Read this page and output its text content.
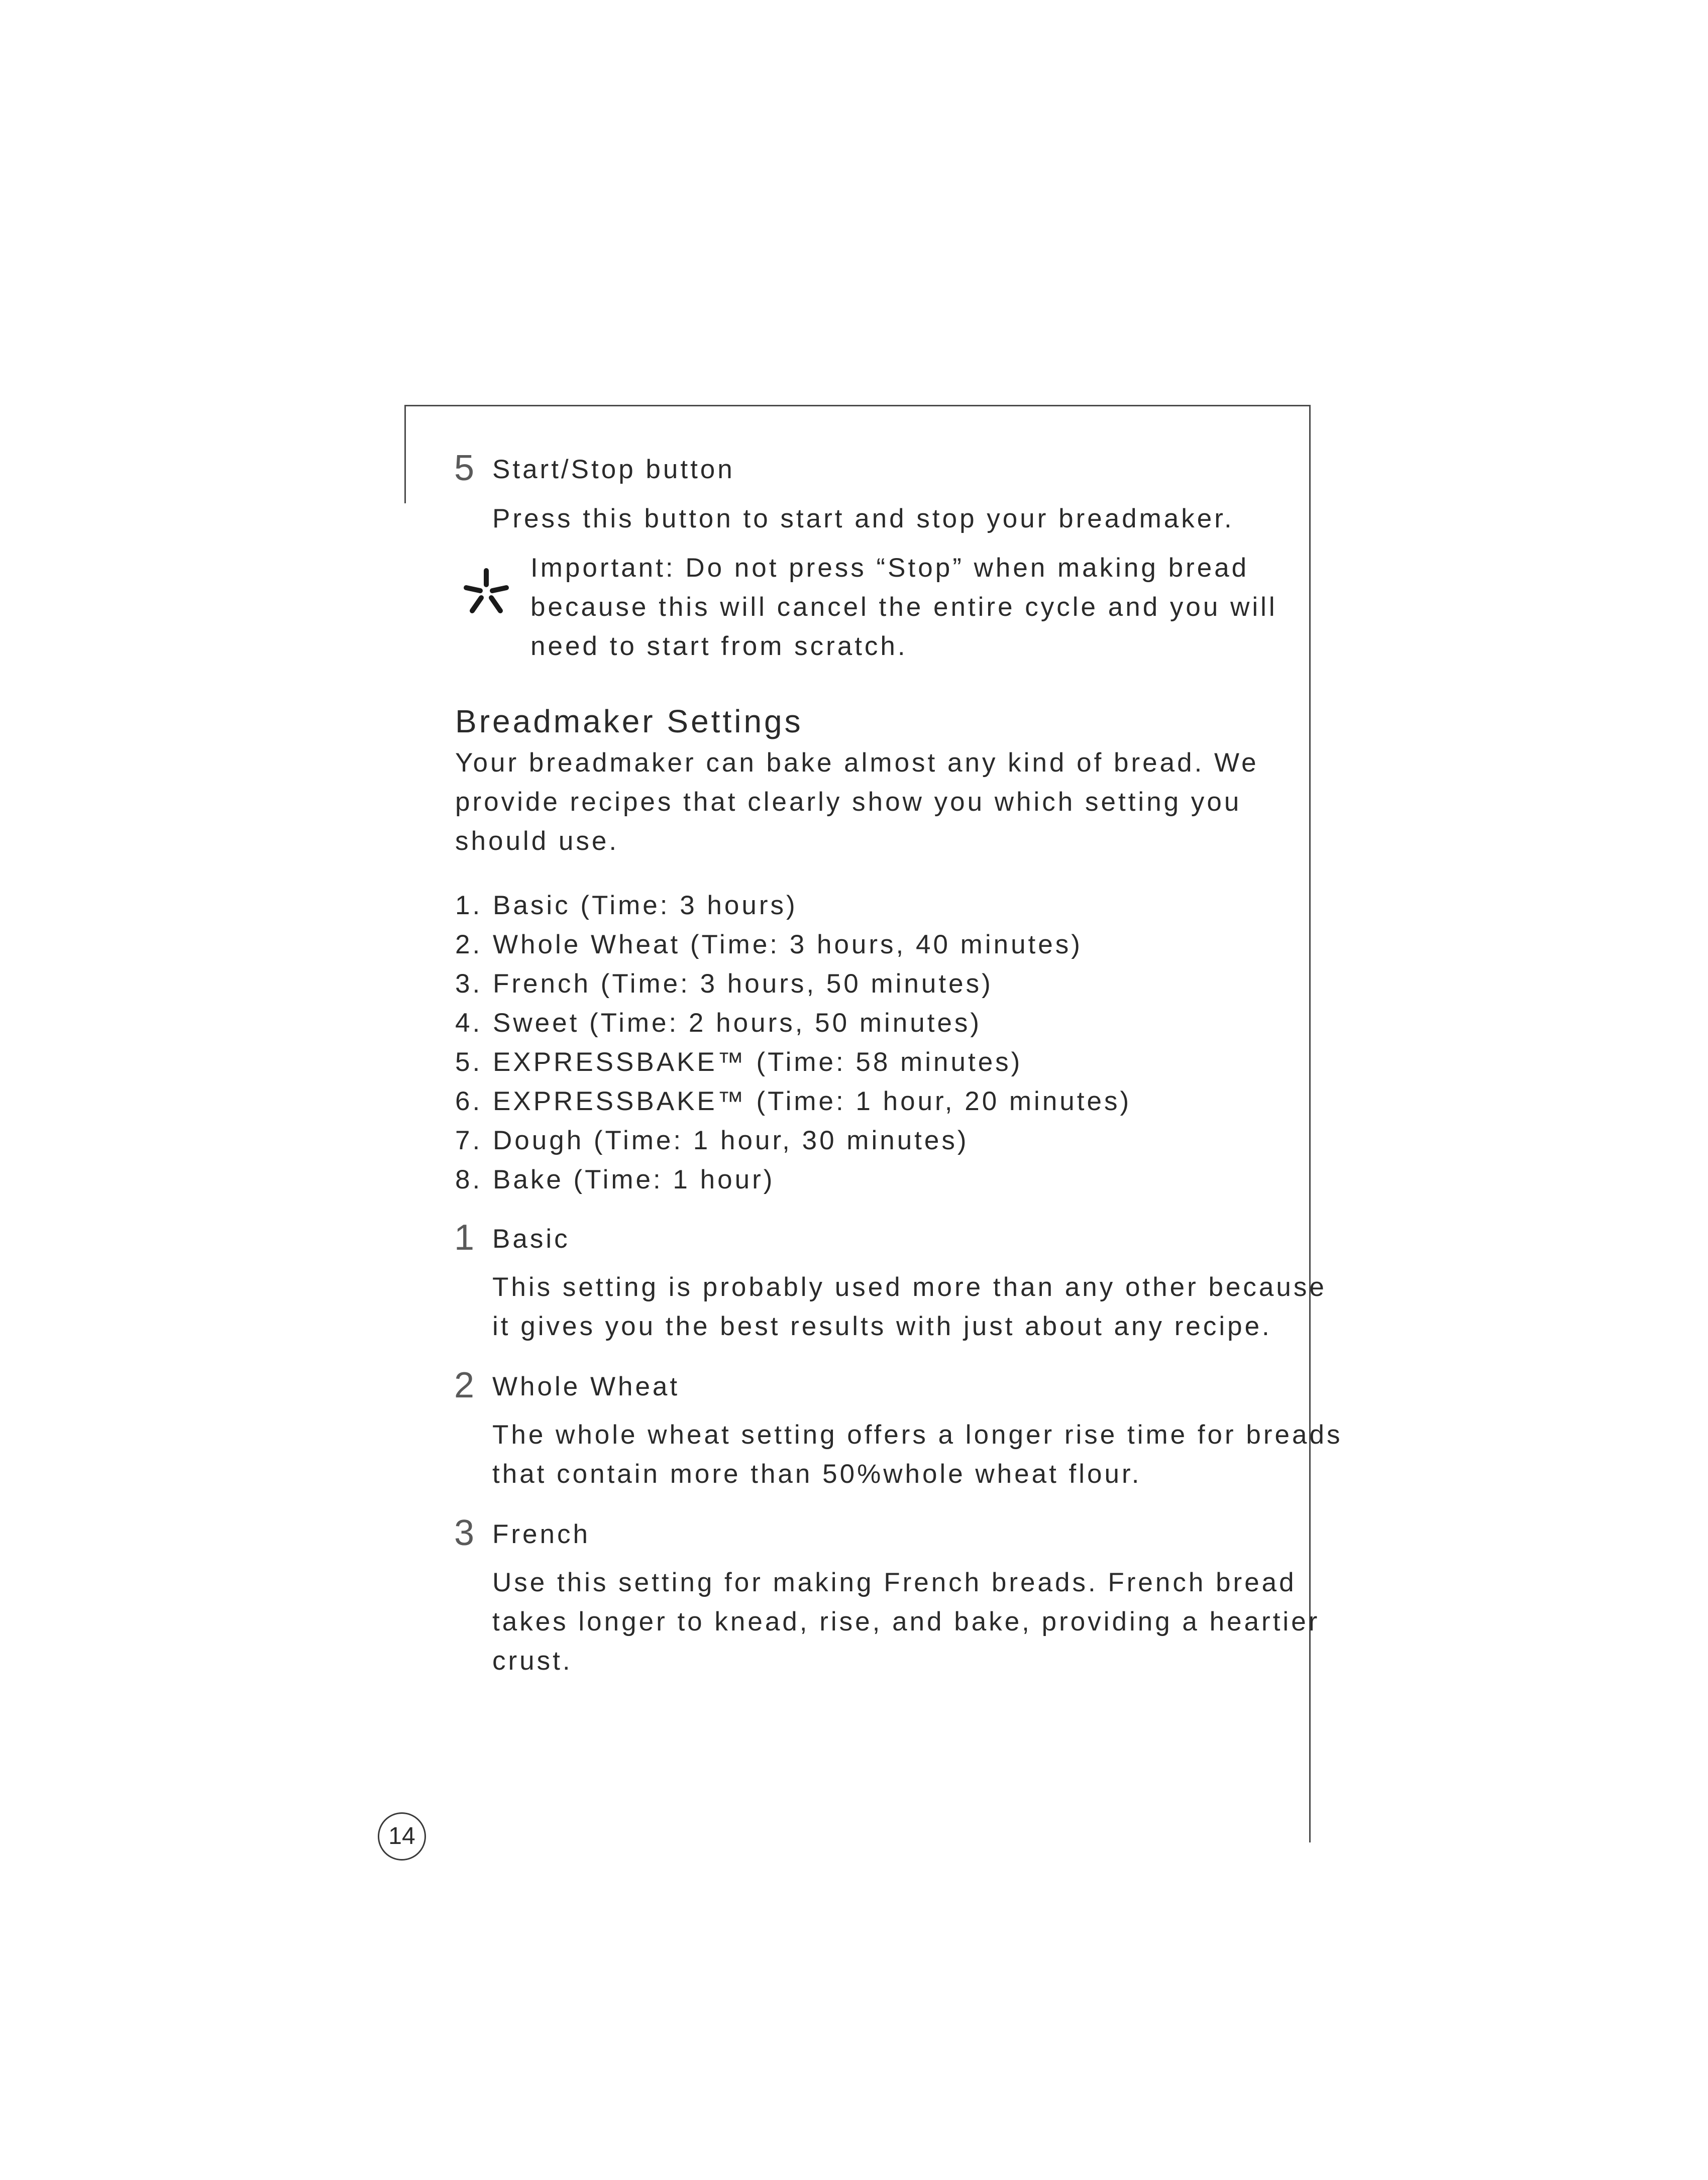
5 Start/Stop button
Press this button to start and stop your breadmaker.
Important: Do not press “Stop” when making bread
because this will cancel the entire cycle and you will
need to start from scratch.
Breadmaker Settings
Your breadmaker can bake almost any kind of bread. We
provide recipes that clearly show you which setting you
should use.
1. Basic (Time: 3 hours)
2. Whole Wheat (Time: 3 hours, 40 minutes)
3. French (Time: 3 hours, 50 minutes)
4. Sweet (Time: 2 hours, 50 minutes)
5. EXPRESSBAKE™ (Time: 58 minutes)
6. EXPRESSBAKE™ (Time: 1 hour, 20 minutes)
7. Dough (Time: 1 hour, 30 minutes)
8. Bake (Time: 1 hour)
1 Basic
This setting is probably used more than any other because
it gives you the best results with just about any recipe.
2 Whole Wheat
The whole wheat setting offers a longer rise time for breads
that contain more than 50%whole wheat flour.
3 French
Use this setting for making French breads. French bread
takes longer to knead, rise, and bake, providing a heartier
crust.
14
